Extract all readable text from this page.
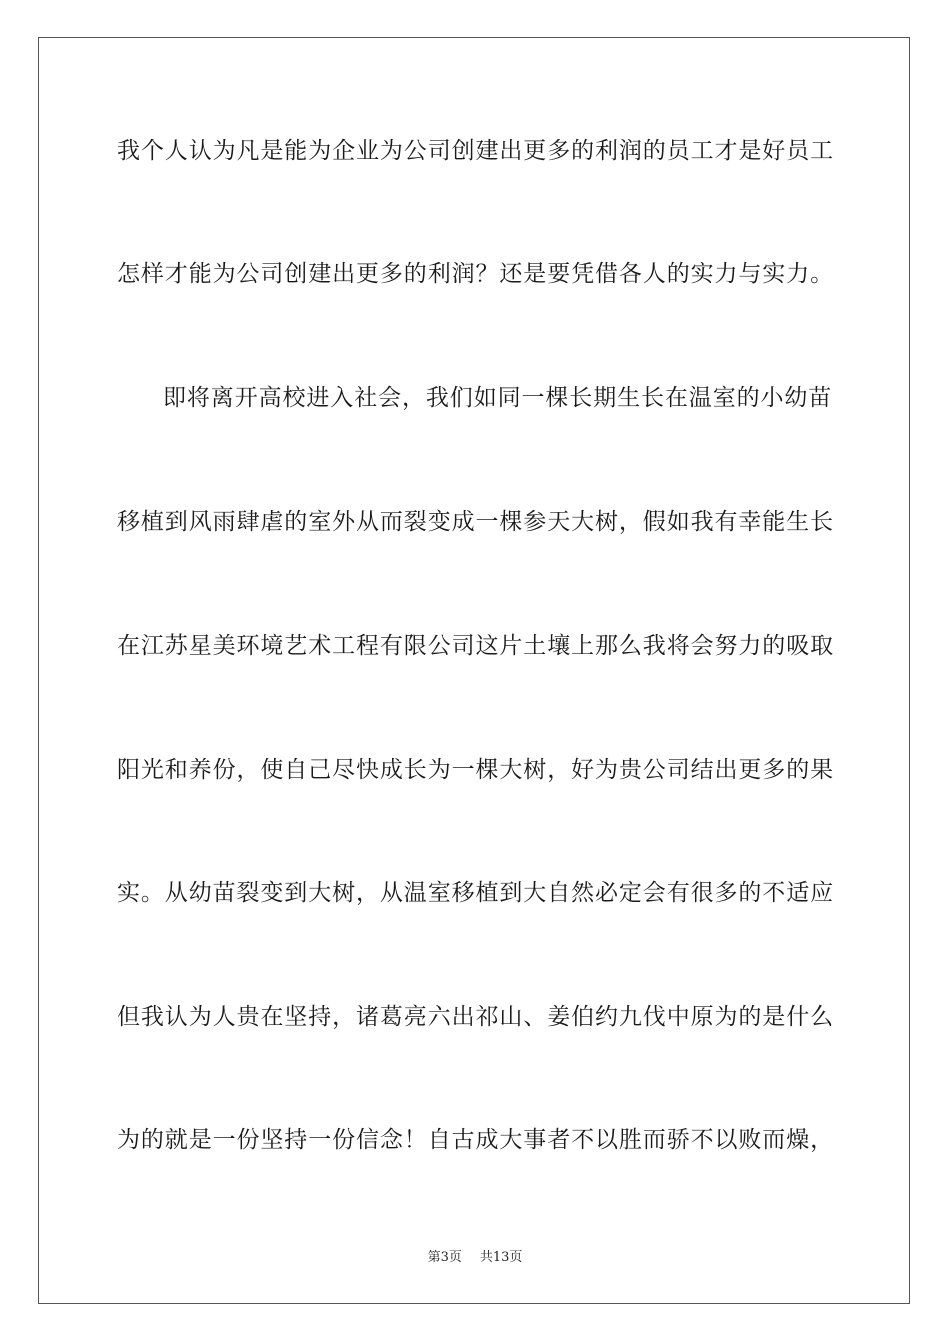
我个人认为凡是能为企业为公司创建出更多的利润的员工才是好员工
怎样才能为公司创建出更多的利润？还是要凭借各人的实力与实力。
即将离开高校进入社会，我们如同一棵长期生长在温室的小幼苗
移植到风雨肆虐的室外从而裂变成一棵参天大树，假如我有幸能生长
在江苏星美环境艺术工程有限公司这片土壤上那么我将会努力的吸取
阳光和养份，使自己尽快成长为一棵大树，好为贵公司结出更多的果
实。从幼苗裂变到大树，从温室移植到大自然必定会有很多的不适应
但我认为人贵在坚持，诸葛亮六出祁山、姜伯约九伐中原为的是什么
为的就是一份坚持一份信念！自古成大事者不以胜而骄不以败而燥，
第3页 共13页
